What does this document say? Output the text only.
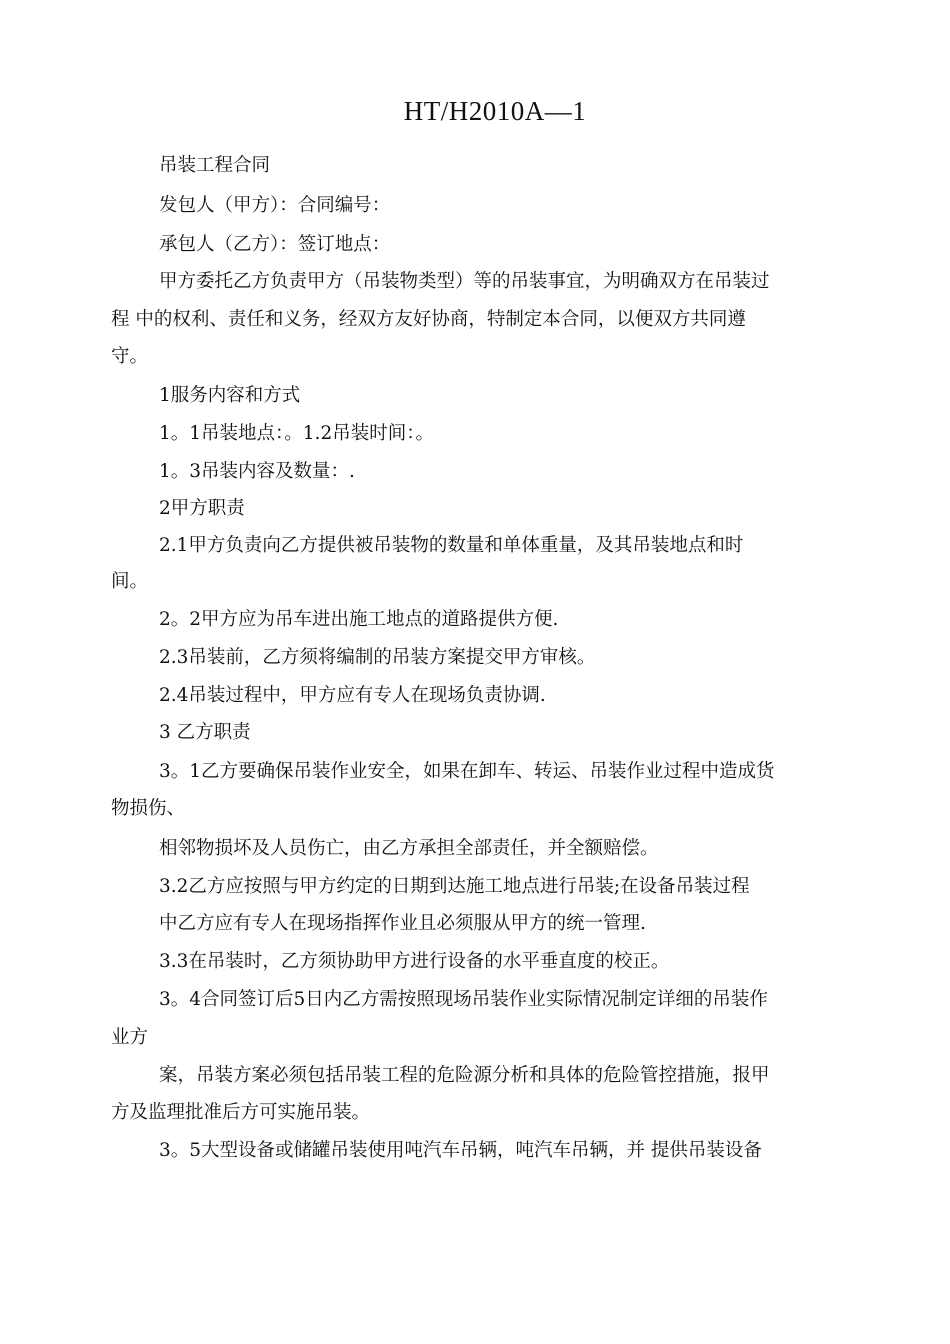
HT/H2010A—1
吊装工程合同
发包人（甲方）：合同编号：
承包人（乙方）：签订地点：
甲方委托乙方负责甲方（吊装物类型）等的吊装事宜，为明确双方在吊装过
程 中的权利、责任和义务，经双方友好协商，特制定本合同，以便双方共同遵
守。
1服务内容和方式
1。1吊装地点：。1.2吊装时间：。
1。3吊装内容及数量：.
2甲方职责
2.1甲方负责向乙方提供被吊装物的数量和单体重量，及其吊装地点和时
间。
2。2甲方应为吊车进出施工地点的道路提供方便.
2.3吊装前，乙方须将编制的吊装方案提交甲方审核。
2.4吊装过程中，甲方应有专人在现场负责协调.
3 乙方职责
3。1乙方要确保吊装作业安全，如果在卸车、转运、吊装作业过程中造成货
物损伤、
相邻物损坏及人员伤亡，由乙方承担全部责任，并全额赔偿。
3.2乙方应按照与甲方约定的日期到达施工地点进行吊装;在设备吊装过程
中乙方应有专人在现场指挥作业且必须服从甲方的统一管理.
3.3在吊装时，乙方须协助甲方进行设备的水平垂直度的校正。
3。4合同签订后5日内乙方需按照现场吊装作业实际情况制定详细的吊装作
业方
案，吊装方案必须包括吊装工程的危险源分析和具体的危险管控措施，报甲
方及监理批准后方可实施吊装。
3。5大型设备或储罐吊装使用吨汽车吊辆，吨汽车吊辆，并 提供吊装设备
